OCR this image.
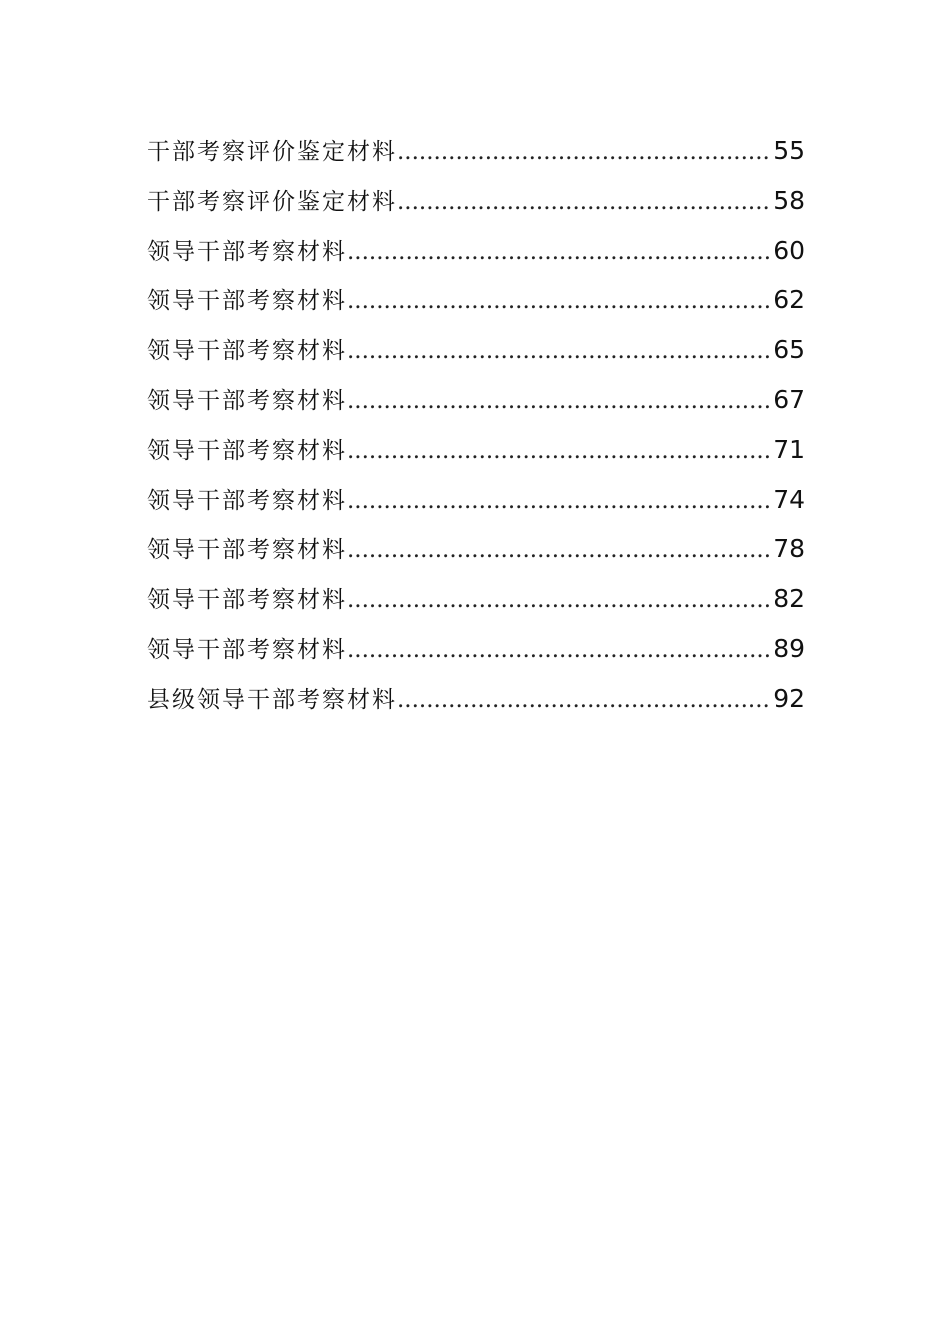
干部考察评价鉴定材料 .....	55
干部考察评价鉴定材料 .....	58
领导干部考察材料 .....	60
领导干部考察材料 .....	62
领导干部考察材料 .....	65
领导干部考察材料 .....	67
领导干部考察材料 .....	71
领导干部考察材料 .....	74
领导干部考察材料 .....	78
领导干部考察材料 .....	82
领导干部考察材料 .....	89
县级领导干部考察材料 .....	92
